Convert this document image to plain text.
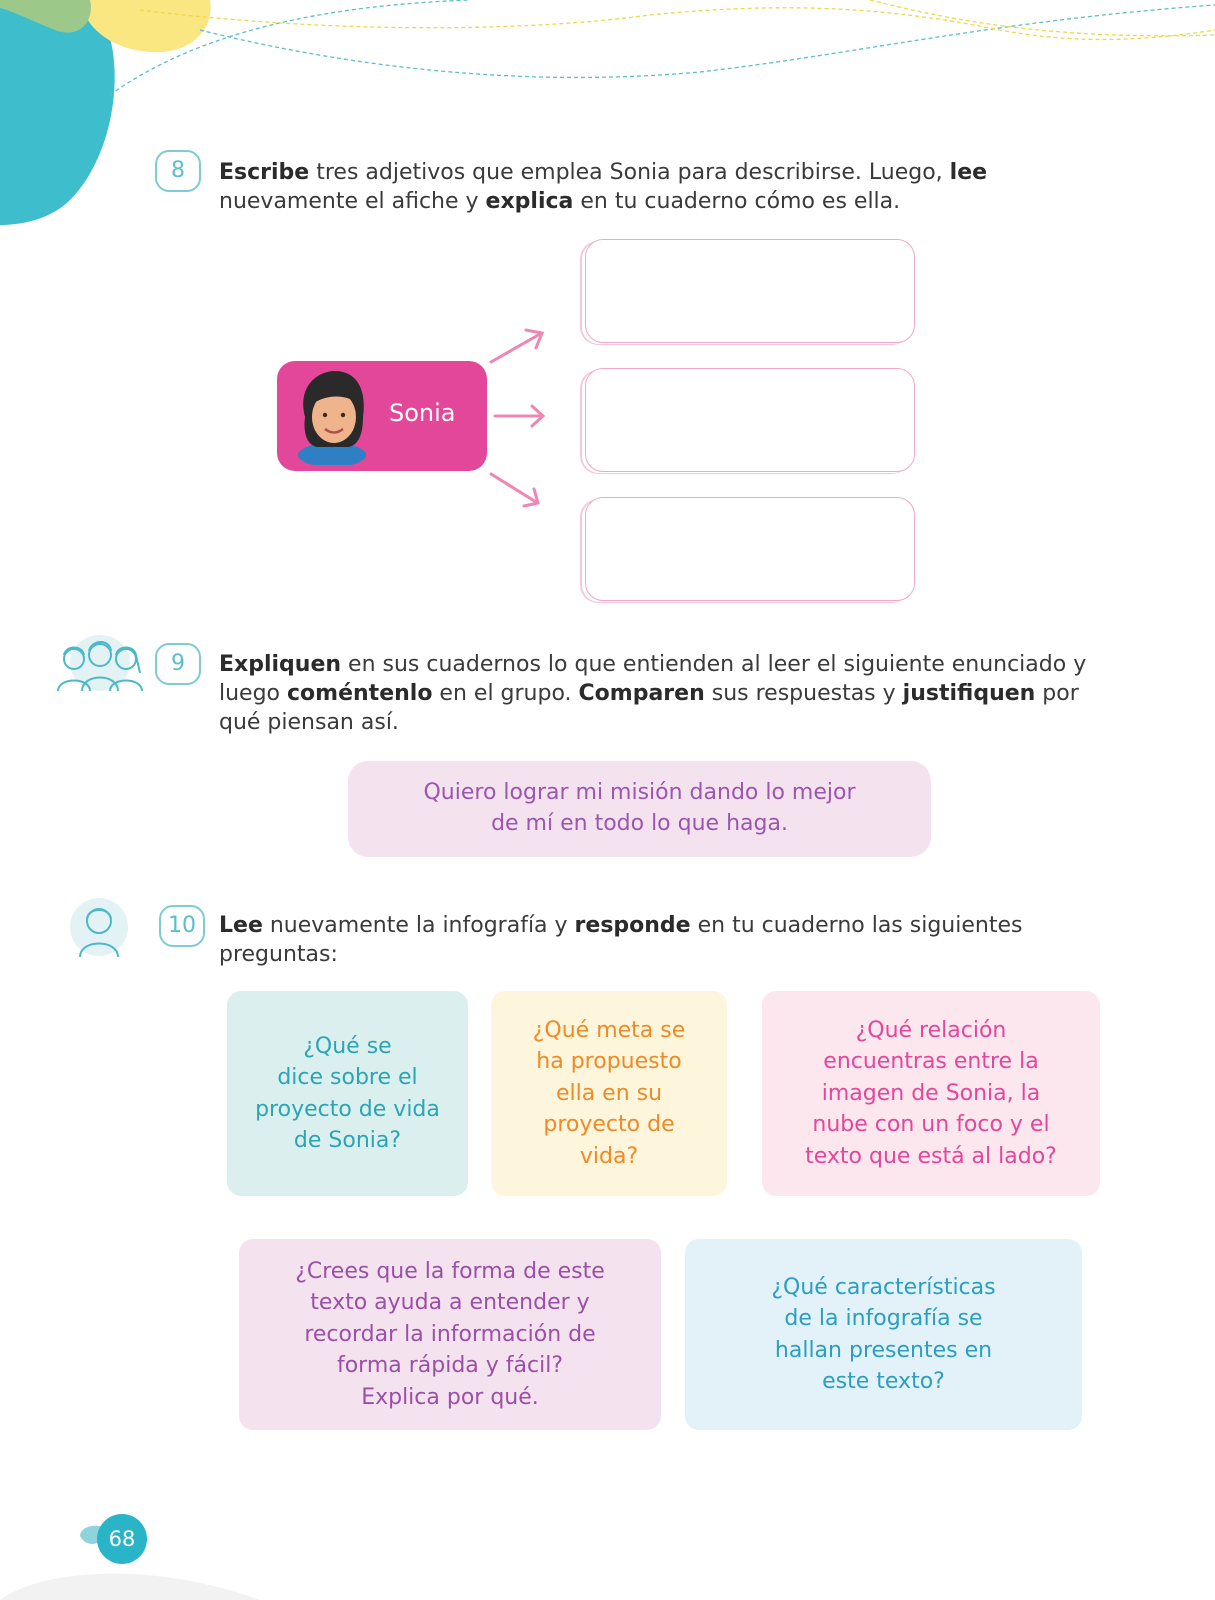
8	Escribe tres adjetivos que emplea Sonia para describirse. Luego, lee
nuevamente el afiche y explica en tu cuaderno cómo es ella.
Sonia
9	Expliquen en sus cuadernos lo que entienden al leer el siguiente enunciado y
luego coméntenlo en el grupo. Comparen sus respuestas y justifiquen por
qué piensan así.
Quiero lograr mi misión dando lo mejor
de mí en todo lo que haga.
10	Lee nuevamente la infografía y responde en tu cuaderno las siguientes
preguntas:
¿Qué se
dice sobre el
proyecto de vida
de Sonia?
¿Qué meta se
ha propuesto
ella en su
proyecto de
vida?
¿Qué relación
encuentras entre la
imagen de Sonia, la
nube con un foco y el
texto que está al lado?
¿Crees que la forma de este
texto ayuda a entender y
recordar la información de
forma rápida y fácil?
Explica por qué.
¿Qué características
de la infografía se
hallan presentes en
este texto?
68
